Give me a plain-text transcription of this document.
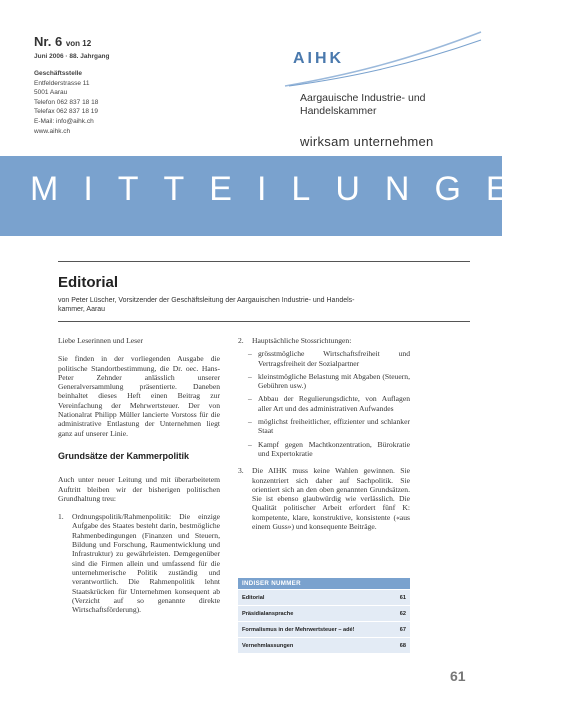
Nr. 6 von 12
Juni 2006 · 88. Jahrgang
Geschäftsstelle
Entfelderstrasse 11
5001 Aarau
Telefon 062 837 18 18
Telefax 062 837 18 19
E-Mail: info@aihk.ch
www.aihk.ch
AIHK
Aargauische Industrie- und
Handelskammer
wirksam unternehmen
MITTEILUNGEN
Editorial
von Peter Lüscher, Vorsitzender der Geschäftsleitung der Aargauischen Industrie- und Handels-
kammer, Aarau

Liebe Leserinnen und Leser

Sie finden in der vorliegenden Ausgabe die politische Standortbestimmung, die Dr. oec. Hans-Peter Zehnder anlässlich unserer Generalversammlung präsentierte. Daneben beinhaltet dieses Heft einen Beitrag zur Vereinfachung der Mehrwertsteuer. Der von Nationalrat Philipp Müller lancierte Vorstoss für die administrative Entlastung der Unternehmen liegt ganz auf unserer Linie.

Grundsätze der Kammerpolitik

Auch unter neuer Leitung und mit überarbeitetem Auftritt bleiben wir der bisherigen politischen Grundhaltung treu:

1.	Ordnungspolitik/Rahmenpolitik: Die einzige Aufgabe des Staates besteht darin, bestmögliche Rahmenbedingungen (Finanzen und Steuern, Bildung und Forschung, Raumentwicklung und Infrastruktur) zu gewährleisten. Demgegenüber sind die Firmen allein und umfassend für die unternehmerische Politik zuständig und verantwortlich. Die Rahmenpolitik lehnt Staatskrücken für Unternehmen konsequent ab (Verzicht auf so genannte direkte Wirtschaftsförderung).
2.	Hauptsächliche Stossrichtungen:
– grösstmögliche Wirtschaftsfreiheit und Vertragsfreiheit der Sozialpartner
– kleinstmögliche Belastung mit Abgaben (Steuern, Gebühren usw.)
– Abbau der Regulierungsdichte, von Auflagen aller Art und des administrativen Aufwandes
– möglichst freiheitlicher, effizienter und schlanker Staat
– Kampf gegen Machtkonzentration, Bürokratie und Expertokratie
3.	Die AIHK muss keine Wahlen gewinnen. Sie konzentriert sich daher auf Sachpolitik. Sie orientiert sich an den oben genannten Grundsätzen. Sie ist ebenso glaubwürdig wie verlässlich. Die Qualität politischer Arbeit erfordert fünf K: kompetente, klare, konstruktive, konsistente («aus einem Guss») und konsequente Beiträge.
INDISER NUMMER
Editorial	61
Präsidialansprache	62
Formalismus in der Mehrwertsteuer – adé!	67
Vernehmlassungen	68
61
